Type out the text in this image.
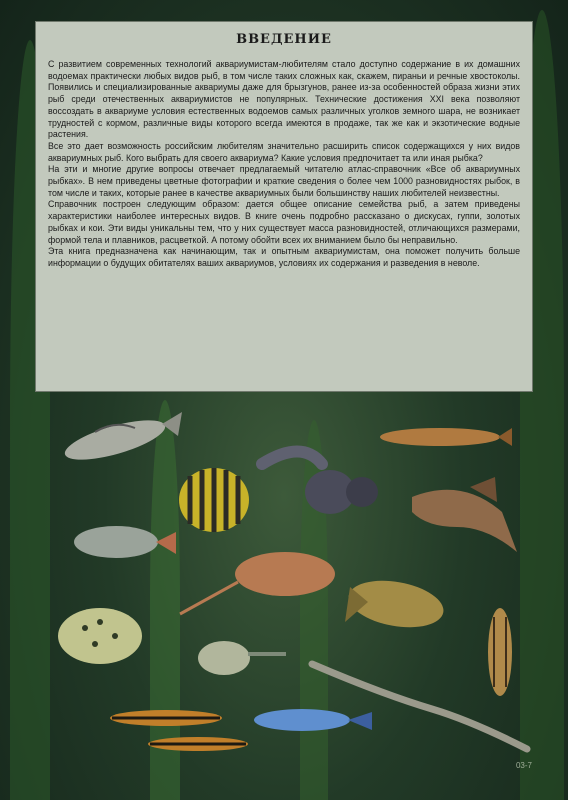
ВВЕДЕНИЕ

С развитием современных технологий аквариумистам-любителям стало доступно содержание в их домашних водоемах практически любых видов рыб, в том числе таких сложных как, скажем, пираньи и речные хвостоколы. Появились и специализированные аквариумы даже для брызгунов, ранее из-за особенностей образа жизни этих рыб среди отечественных аквариумистов не популярных. Технические достижения XXI века позволяют воссоздать в аквариуме условия естественных водоемов самых различных уголков земного шара, не возникает трудностей с кормом, различные виды которого всегда имеются в продаже, так же как и экзотические водные растения.

Все это дает возможность российским любителям значительно расширить список содержащихся у них видов аквариумных рыб. Кого выбрать для своего аквариума? Какие условия предпочитает та или иная рыбка?

На эти и многие другие вопросы отвечает предлагаемый читателю атлас-справочник «Все об аквариумных рыбках». В нем приведены цветные фотографии и краткие сведения о более чем 1000 разновидностях рыбок, в том числе и таких, которые ранее в качестве аквариумных были большинству наших любителей неизвестны.

Справочник построен следующим образом: дается общее описание семейства рыб, а затем приведены характеристики наиболее интересных видов. В книге очень подробно рассказано о дискусах, гуппи, золотых рыбках и кои. Эти виды уникальны тем, что у них существует масса разновидностей, отличающихся размерами, формой тела и плавников, расцветкой. А потому обойти всех их вниманием было бы неправильно.

Эта книга предназначена как начинающим, так и опытным аквариумистам, она поможет получить больше информации о будущих обитателях ваших аквариумов, условиях их содержания и разведения в неволе.

03-7
